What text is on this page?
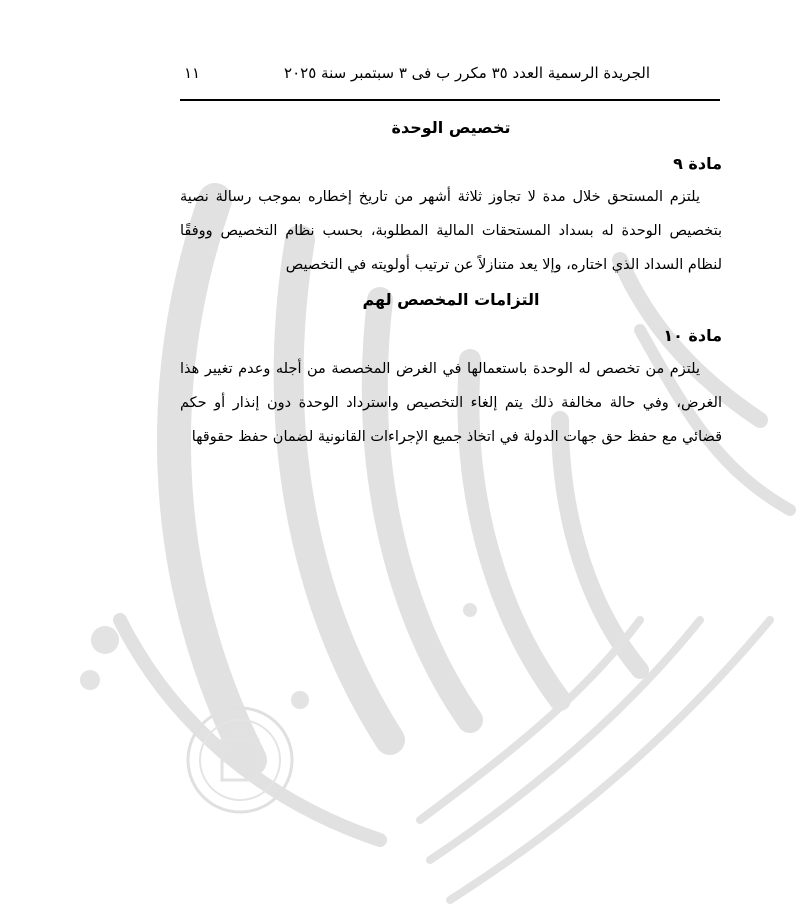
الجريدة الرسمية العدد ٣٥ مكرر ب فى ٣ سبتمبر سنة ٢٠٢٥
١١
تخصيص الوحدة
مادة ٩

يلتزم المستحق خلال مدة لا تجاوز ثلاثة أشهر من تاريخ إخطاره بموجب رسالة نصية بتخصيص الوحدة له بسداد المستحقات المالية المطلوبة، بحسب نظام التخصيص ووفقًا لنظام السداد الذي اختاره، وإلا يعد متنازلاً عن ترتيب أولويته في التخصيص

التزامات المخصص لهم
مادة ١٠

يلتزم من تخصص له الوحدة باستعمالها في الغرض المخصصة من أجله وعدم تغيير هذا الغرض، وفي حالة مخالفة ذلك يتم إلغاء التخصيص واسترداد الوحدة دون إنذار أو حكم قضائي مع حفظ حق جهات الدولة في اتخاذ جميع الإجراءات القانونية لضمان حفظ حقوقها
